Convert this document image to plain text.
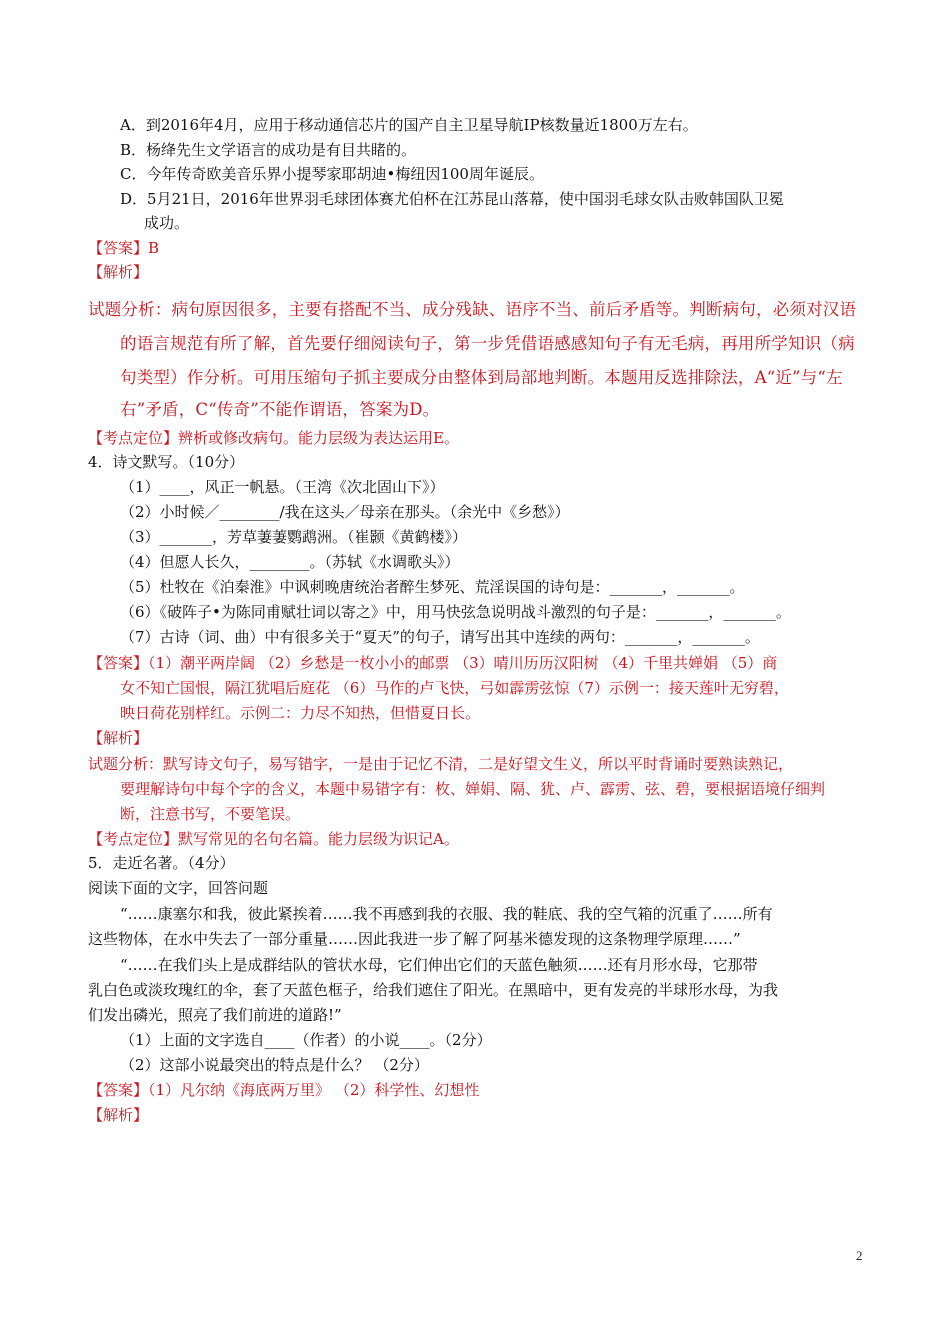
A．到2016年4月，应用于移动通信芯片的国产自主卫星导航IP核数量近1800万左右。
B．杨绛先生文学语言的成功是有目共睹的。
C．今年传奇欧美音乐界小提琴家耶胡迪•梅纽因100周年诞辰。
D．5月21日，2016年世界羽毛球团体赛尤伯杯在江苏昆山落幕，使中国羽毛球女队击败韩国队卫冕
成功。
【答案】B
【解析】
试题分析：病句原因很多，主要有搭配不当、成分残缺、语序不当、前后矛盾等。判断病句，必须对汉语
的语言规范有所了解，首先要仔细阅读句子，第一步凭借语感感知句子有无毛病，再用所学知识（病
句类型）作分析。可用压缩句子抓主要成分由整体到局部地判断。本题用反选排除法，A“近”与“左
右”矛盾，C“传奇”不能作谓语，答案为D。
【考点定位】辨析或修改病句。能力层级为表达运用E。
4．诗文默写。（10分）
（1）____，风正一帆悬。（王湾《次北固山下》）
（2）小时候／________/我在这头／母亲在那头。（余光中《乡愁》）
（3）_______，芳草萋萋鹦鹉洲。（崔颢《黄鹤楼》）
（4）但愿人长久，________。（苏轼《水调歌头》）
（5）杜牧在《泊秦淮》中讽刺晚唐统治者醉生梦死、荒淫误国的诗句是：_______，_______。
（6）《破阵子•为陈同甫赋壮词以寄之》中，用马快弦急说明战斗激烈的句子是：_______，_______。
（7）古诗（词、曲）中有很多关于“夏天”的句子，请写出其中连续的两句：_______，_______。
【答案】（1）潮平两岸阔 （2）乡愁是一枚小小的邮票 （3）晴川历历汉阳树 （4）千里共婵娟 （5）商
女不知亡国恨，隔江犹唱后庭花 （6）马作的卢飞快，弓如霹雳弦惊（7）示例一：接天莲叶无穷碧，
映日荷花别样红。示例二：力尽不知热，但惜夏日长。
【解析】
试题分析：默写诗文句子，易写错字，一是由于记忆不清，二是好望文生义，所以平时背诵时要熟读熟记，
要理解诗句中每个字的含义，本题中易错字有：枚、婵娟、隔、犹、卢、霹雳、弦、碧，要根据语境仔细判
断，注意书写，不要笔误。
【考点定位】默写常见的名句名篇。能力层级为识记A。
5．走近名著。（4分）
阅读下面的文字，回答问题
“……康塞尔和我，彼此紧挨着……我不再感到我的衣服、我的鞋底、我的空气箱的沉重了……所有
这些物体，在水中失去了一部分重量……因此我进一步了解了阿基米德发现的这条物理学原理……”
“……在我们头上是成群结队的管状水母，它们伸出它们的天蓝色触须……还有月形水母，它那带
乳白色或淡玫瑰红的伞，套了天蓝色框子，给我们遮住了阳光。在黑暗中，更有发亮的半球形水母，为我
们发出磷光，照亮了我们前进的道路!”
（1）上面的文字选自____（作者）的小说____。（2分）
（2）这部小说最突出的特点是什么？ （2分）
【答案】（1）凡尔纳《海底两万里》 （2）科学性、幻想性
【解析】
2
